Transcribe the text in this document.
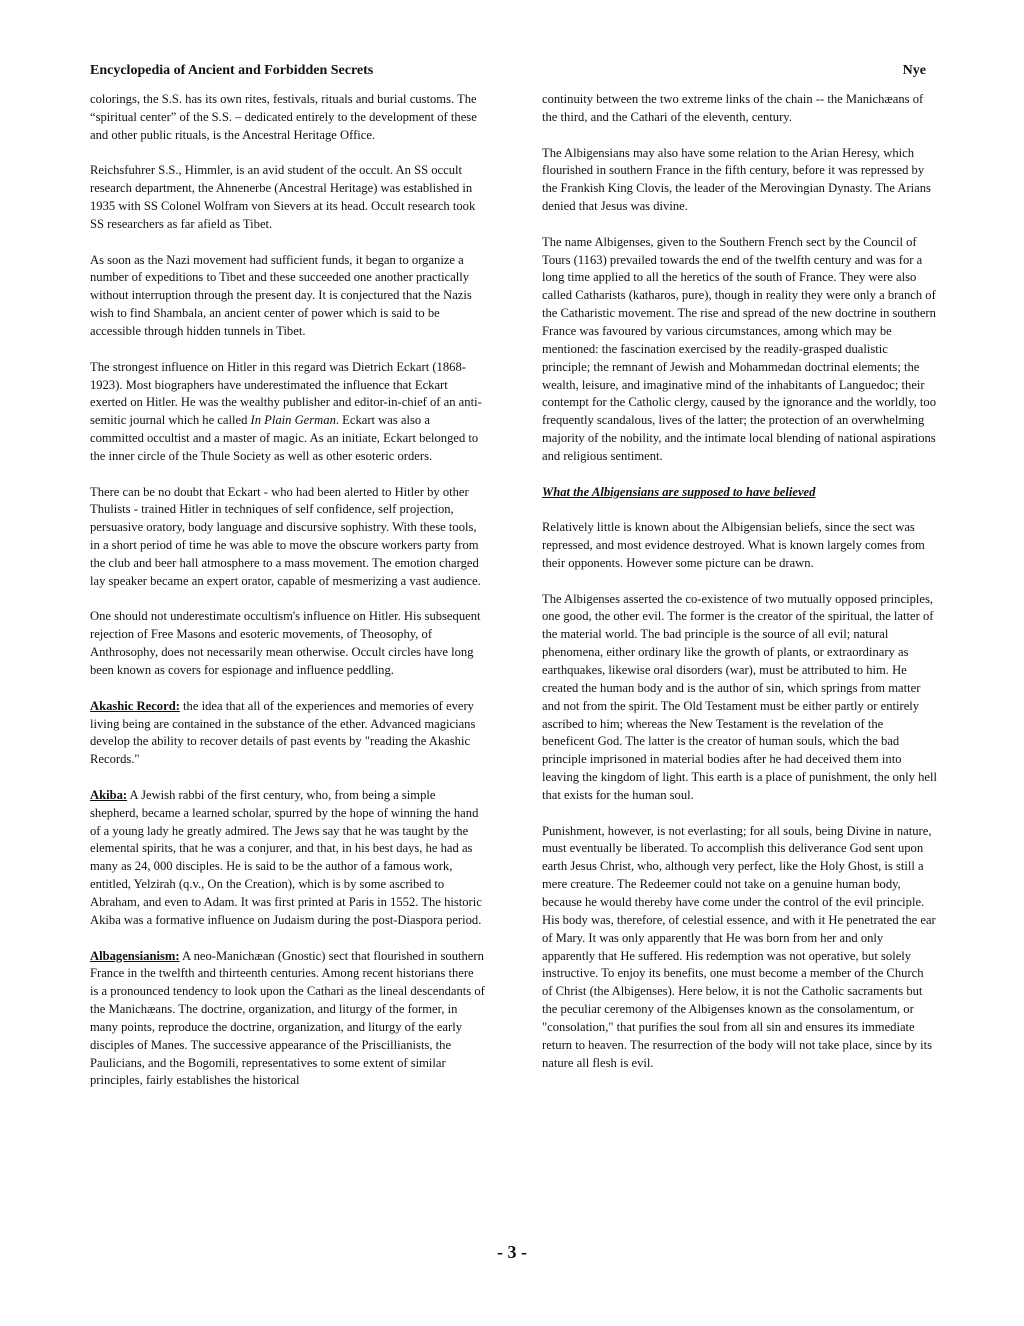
Encyclopedia of Ancient and Forbidden Secrets	Nye

colorings, the S.S. has its own rites, festivals, rituals and burial customs. The “spiritual center” of the S.S. – dedicated entirely to the development of these and other public rituals, is the Ancestral Heritage Office.

Reichsfuhrer S.S., Himmler, is an avid student of the occult. An SS occult research department, the Ahnenerbe (Ancestral Heritage) was established in 1935 with SS Colonel Wolfram von Sievers at its head. Occult research took SS researchers as far afield as Tibet.

As soon as the Nazi movement had sufficient funds, it began to organize a number of expeditions to Tibet and these succeeded one another practically without interruption through the present day. It is conjectured that the Nazis wish to find Shambala, an ancient center of power which is said to be accessible through hidden tunnels in Tibet.

The strongest influence on Hitler in this regard was Dietrich Eckart (1868-1923). Most biographers have underestimated the influence that Eckart exerted on Hitler. He was the wealthy publisher and editor-in-chief of an anti-semitic journal which he called In Plain German. Eckart was also a committed occultist and a master of magic. As an initiate, Eckart belonged to the inner circle of the Thule Society as well as other esoteric orders.

There can be no doubt that Eckart - who had been alerted to Hitler by other Thulists - trained Hitler in techniques of self confidence, self projection, persuasive oratory, body language and discursive sophistry. With these tools, in a short period of time he was able to move the obscure workers party from the club and beer hall atmosphere to a mass movement. The emotion charged lay speaker became an expert orator, capable of mesmerizing a vast audience.

One should not underestimate occultism's influence on Hitler. His subsequent rejection of Free Masons and esoteric movements, of Theosophy, of Anthrosophy, does not necessarily mean otherwise. Occult circles have long been known as covers for espionage and influence peddling.

Akashic Record: the idea that all of the experiences and memories of every living being are contained in the substance of the ether. Advanced magicians develop the ability to recover details of past events by "reading the Akashic Records."

Akiba: A Jewish rabbi of the first century, who, from being a simple shepherd, became a learned scholar, spurred by the hope of winning the hand of a young lady he greatly admired. The Jews say that he was taught by the elemental spirits, that he was a conjurer, and that, in his best days, he had as many as 24, 000 disciples. He is said to be the author of a famous work, entitled, Yelzirah (q.v., On the Creation), which is by some ascribed to Abraham, and even to Adam. It was first printed at Paris in 1552. The historic Akiba was a formative influence on Judaism during the post-Diaspora period.

Albagensianism: A neo-Manichæan (Gnostic) sect that flourished in southern France in the twelfth and thirteenth centuries. Among recent historians there is a pronounced tendency to look upon the Cathari as the lineal descendants of the Manichæans. The doctrine, organization, and liturgy of the former, in many points, reproduce the doctrine, organization, and liturgy of the early disciples of Manes. The successive appearance of the Priscillianists, the Paulicians, and the Bogomili, representatives to some extent of similar principles, fairly establishes the historical

continuity between the two extreme links of the chain -- the Manichæans of the third, and the Cathari of the eleventh, century.

The Albigensians may also have some relation to the Arian Heresy, which flourished in southern France in the fifth century, before it was repressed by the Frankish King Clovis, the leader of the Merovingian Dynasty. The Arians denied that Jesus was divine.

The name Albigenses, given to the Southern French sect by the Council of Tours (1163) prevailed towards the end of the twelfth century and was for a long time applied to all the heretics of the south of France. They were also called Catharists (katharos, pure), though in reality they were only a branch of the Catharistic movement. The rise and spread of the new doctrine in southern France was favoured by various circumstances, among which may be mentioned: the fascination exercised by the readily-grasped dualistic principle; the remnant of Jewish and Mohammedan doctrinal elements; the wealth, leisure, and imaginative mind of the inhabitants of Languedoc; their contempt for the Catholic clergy, caused by the ignorance and the worldly, too frequently scandalous, lives of the latter; the protection of an overwhelming majority of the nobility, and the intimate local blending of national aspirations and religious sentiment.

What the Albigensians are supposed to have believed

Relatively little is known about the Albigensian beliefs, since the sect was repressed, and most evidence destroyed. What is known largely comes from their opponents. However some picture can be drawn.

The Albigenses asserted the co-existence of two mutually opposed principles, one good, the other evil. The former is the creator of the spiritual, the latter of the material world. The bad principle is the source of all evil; natural phenomena, either ordinary like the growth of plants, or extraordinary as earthquakes, likewise oral disorders (war), must be attributed to him. He created the human body and is the author of sin, which springs from matter and not from the spirit. The Old Testament must be either partly or entirely ascribed to him; whereas the New Testament is the revelation of the beneficent God. The latter is the creator of human souls, which the bad principle imprisoned in material bodies after he had deceived them into leaving the kingdom of light. This earth is a place of punishment, the only hell that exists for the human soul.

Punishment, however, is not everlasting; for all souls, being Divine in nature, must eventually be liberated. To accomplish this deliverance God sent upon earth Jesus Christ, who, although very perfect, like the Holy Ghost, is still a mere creature. The Redeemer could not take on a genuine human body, because he would thereby have come under the control of the evil principle. His body was, therefore, of celestial essence, and with it He penetrated the ear of Mary. It was only apparently that He was born from her and only apparently that He suffered. His redemption was not operative, but solely instructive. To enjoy its benefits, one must become a member of the Church of Christ (the Albigenses). Here below, it is not the Catholic sacraments but the peculiar ceremony of the Albigenses known as the consolamentum, or "consolation," that purifies the soul from all sin and ensures its immediate return to heaven. The resurrection of the body will not take place, since by its nature all flesh is evil.

- 3 -
